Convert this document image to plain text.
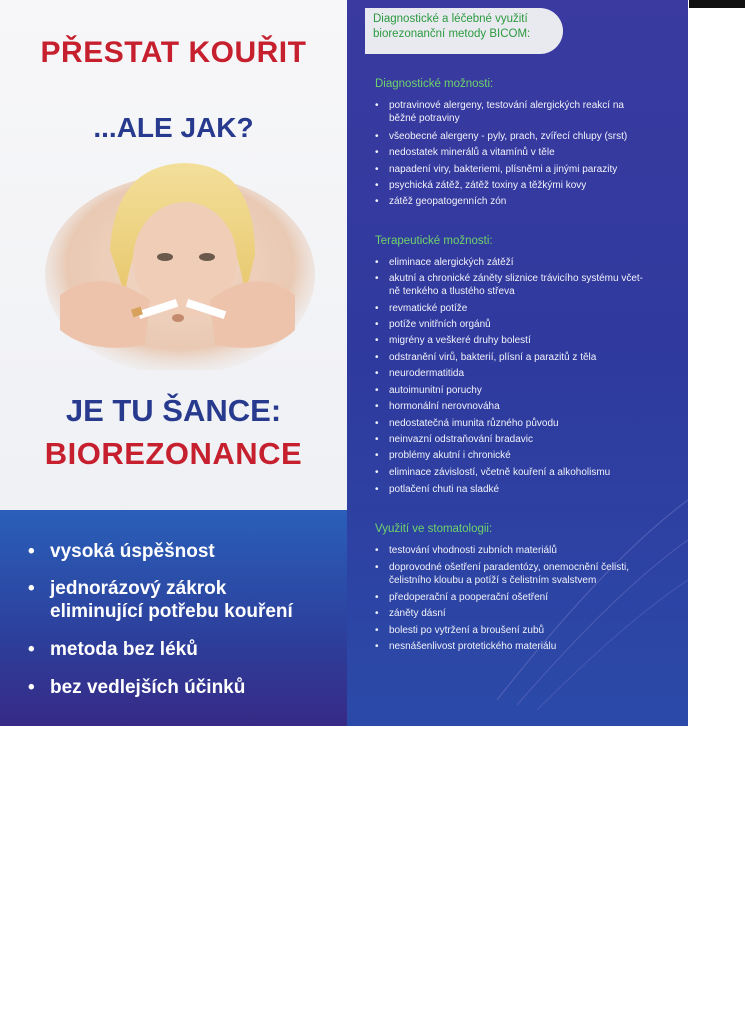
PŘESTAT KOUŘIT
...ALE JAK?
JE TU ŠANCE:
BIOREZONANCE
• vysoká úspěšnost
• jednorázový zákrok
eliminující potřebu kouření
• metoda bez léků
• bez vedlejších účinků
Diagnostické a léčebné využití
biorezonanční metody BICOM:
Diagnostické možnosti:
• potravinové alergeny, testování alergických reakcí na
běžné potraviny
• všeobecné alergeny - pyly, prach, zvířecí chlupy (srst)
• nedostatek minerálů a vitamínů v těle
• napadení viry, bakteriemi, plísněmi a jinými parazity
• psychická zátěž, zátěž toxiny a těžkými kovy
• zátěž geopatogenních zón
Terapeutické možnosti:
• eliminace alergických zátěží
• akutní a chronické záněty sliznice trávicího systému včet-
ně tenkého a tlustého střeva
• revmatické potíže
• potíže vnitřních orgánů
• migrény a veškeré druhy bolestí
• odstranění virů, bakterií, plísní a parazitů z těla
• neurodermatitida
• autoimunitní poruchy
• hormonální nerovnováha
• nedostatečná imunita různého původu
• neinvazní odstraňování bradavic
• problémy akutní i chronické
• eliminace závislostí, včetně kouření a alkoholismu
• potlačení chuti na sladké
Využití ve stomatologii:
• testování vhodnosti zubních materiálů
• doprovodné ošetření paradentózy, onemocnění čelisti,
čelistního kloubu a potíží s čelistním svalstvem
• předoperační a pooperační ošetření
• záněty dásní
• bolesti po vytržení a broušení zubů
• nesnášenlivost protetického materiálu
